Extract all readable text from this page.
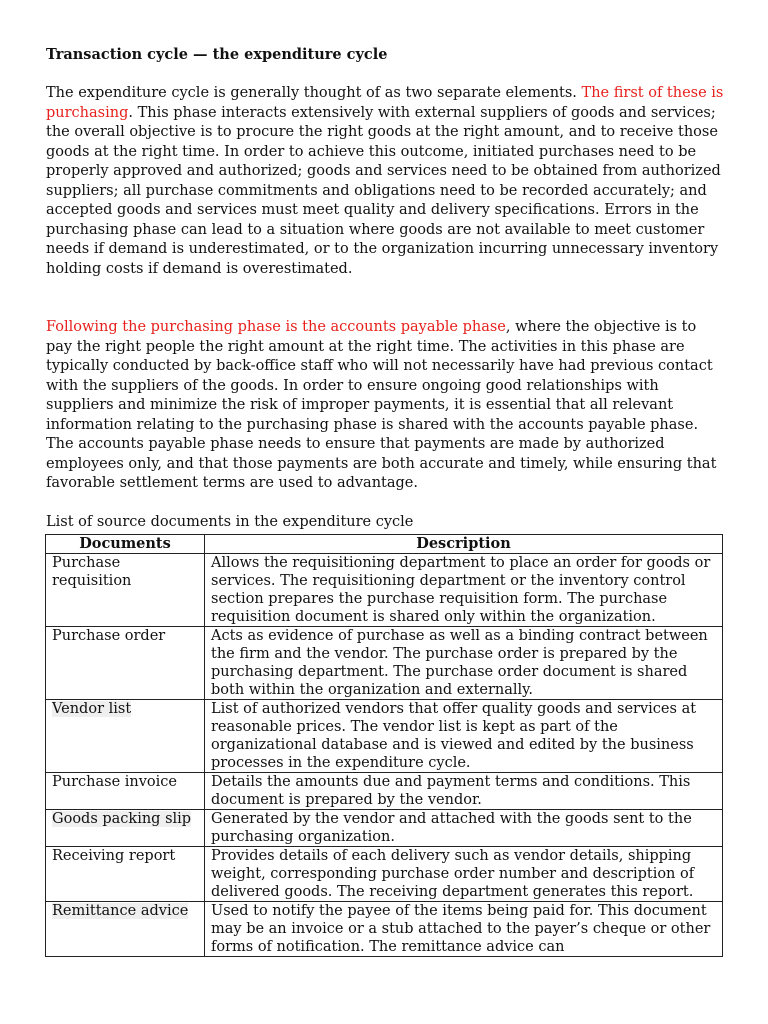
Transaction cycle — the expenditure cycle

The expenditure cycle is generally thought of as two separate elements. The first of these is purchasing. This phase interacts extensively with external suppliers of goods and services; the overall objective is to procure the right goods at the right amount, and to receive those goods at the right time. In order to achieve this outcome, initiated purchases need to be properly approved and authorized; goods and services need to be obtained from authorized suppliers; all purchase commitments and obligations need to be recorded accurately; and accepted goods and services must meet quality and delivery specifications. Errors in the purchasing phase can lead to a situation where goods are not available to meet customer needs if demand is underestimated, or to the organization incurring unnecessary inventory holding costs if demand is overestimated.

Following the purchasing phase is the accounts payable phase, where the objective is to pay the right people the right amount at the right time. The activities in this phase are typically conducted by back-office staff who will not necessarily have had previous contact with the suppliers of the goods. In order to ensure ongoing good relationships with suppliers and minimize the risk of improper payments, it is essential that all relevant information relating to the purchasing phase is shared with the accounts payable phase. The accounts payable phase needs to ensure that payments are made by authorized employees only, and that those payments are both accurate and timely, while ensuring that favorable settlement terms are used to advantage.

List of source documents in the expenditure cycle
Documents	Description
Purchase requisition	Allows the requisitioning department to place an order for goods or services. The requisitioning department or the inventory control section prepares the purchase requisition form. The purchase requisition document is shared only within the organization.
Purchase order	Acts as evidence of purchase as well as a binding contract between the firm and the vendor. The purchase order is prepared by the purchasing department. The purchase order document is shared both within the organization and externally.
Vendor list	List of authorized vendors that offer quality goods and services at reasonable prices. The vendor list is kept as part of the organizational database and is viewed and edited by the business processes in the expenditure cycle.
Purchase invoice	Details the amounts due and payment terms and conditions. This document is prepared by the vendor.
Goods packing slip	Generated by the vendor and attached with the goods sent to the purchasing organization.
Receiving report	Provides details of each delivery such as vendor details, shipping weight, corresponding purchase order number and description of delivered goods. The receiving department generates this report.
Remittance advice	Used to notify the payee of the items being paid for. This document may be an invoice or a stub attached to the payer’s cheque or other forms of notification. The remittance advice can
